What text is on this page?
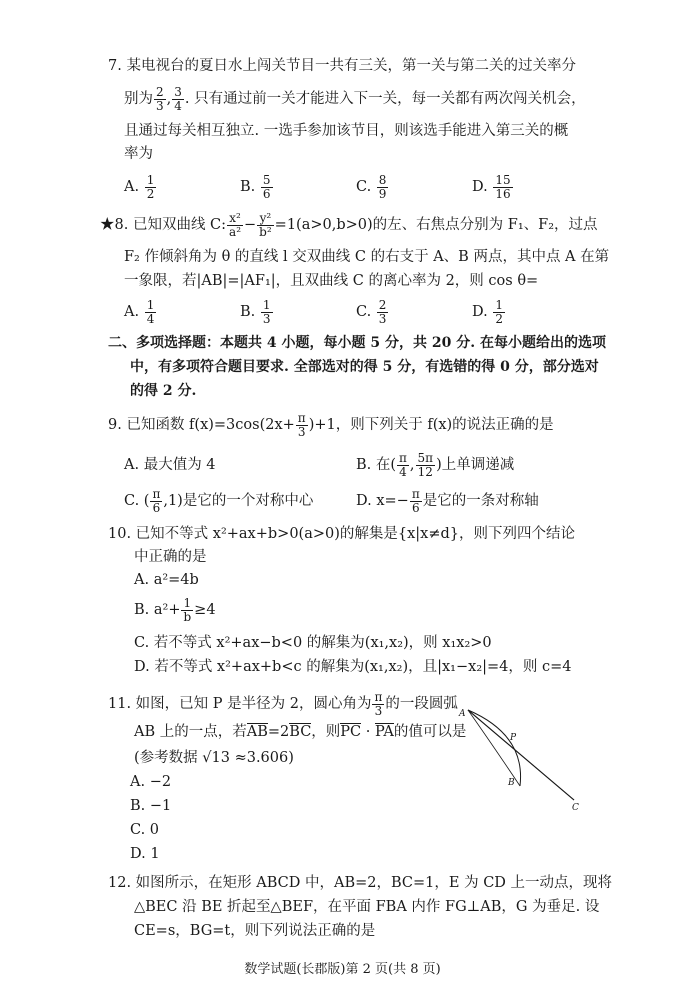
7. 某电视台的夏日水上闯关节目一共有三关，第一关与第二关的过关率分
别为 $\frac{2}{3}$ , $\frac{3}{4}$ . 只有通过前一关才能进入下一关，每一关都有两次闯关机会，
且通过每关相互独立. 一选手参加该节目，则该选手能进入第三关的概
率为
A. $\frac{1}{2}$	B. $\frac{5}{6}$	C. $\frac{8}{9}$	D. $\frac{15}{16}$
★8. 已知双曲线 C: $\frac{\text{x²}}{\text{a²}} - \frac{\text{y²}}{\text{b²}} =1(a>0,b>0)$的左、右焦点分别为 F₁、F₂，过点
F₂ 作倾斜角为 θ 的直线 l 交双曲线 C 的右支于 A、B 两点，其中点 A 在第
一象限，若|AB|=|AF₁|，且双曲线 C 的离心率为 2，则 cos θ=
A. $\frac{1}{4}$	B. $\frac{1}{3}$	C. $\frac{2}{3}$	D. $\frac{1}{2}$
二、多项选择题：本题共 4 小题，每小题 5 分，共 20 分. 在每小题给出的选项
中，有多项符合题目要求. 全部选对的得 5 分，有选错的得 0 分，部分选对
的得 2 分.
9. 已知函数 $f(x)=3\cos(2x+ \frac{\pi}{3} )+1$，则下列关于 f(x)的说法正确的是
A. 最大值为 4	B. 在( $\frac{\pi}{4}$ , $\frac{5\pi}{12}$ )上单调递减
C. ( $\frac{\pi}{6} ,1$)是它的一个对称中心	D. $x=- \frac{\pi}{6}$ 是它的一条对称轴
10. 已知不等式 x²+ax+b>0(a>0)的解集是{x|x≠d}，则下列四个结论
中正确的是
A. a²=4b
B. $a^2+ \frac{1}{b} \ge 4$
C. 若不等式 x²+ax−b<0 的解集为(x₁,x₂)，则 x₁x₂>0
D. 若不等式 x²+ax+b<c 的解集为(x₁,x₂)，且|x₁−x₂|=4，则 c=4
11. 如图，已知 P 是半径为 2，圆心角为 $\frac{\pi}{3}$ 的一段圆弧
AB 上的一点，若AB=2BC，则PC · PA的值可以是
(参考数据 √13 ≈3.606)
A. −2
B. −1
C. 0
D. 1
A
P
B
C
12. 如图所示，在矩形 ABCD 中，AB=2，BC=1，E 为 CD 上一动点，现将
△BEC 沿 BE 折起至△BEF，在平面 FBA 内作 FG⊥AB，G 为垂足. 设
CE=s，BG=t，则下列说法正确的是
数学试题(长郡版)第 2 页(共 8 页)
